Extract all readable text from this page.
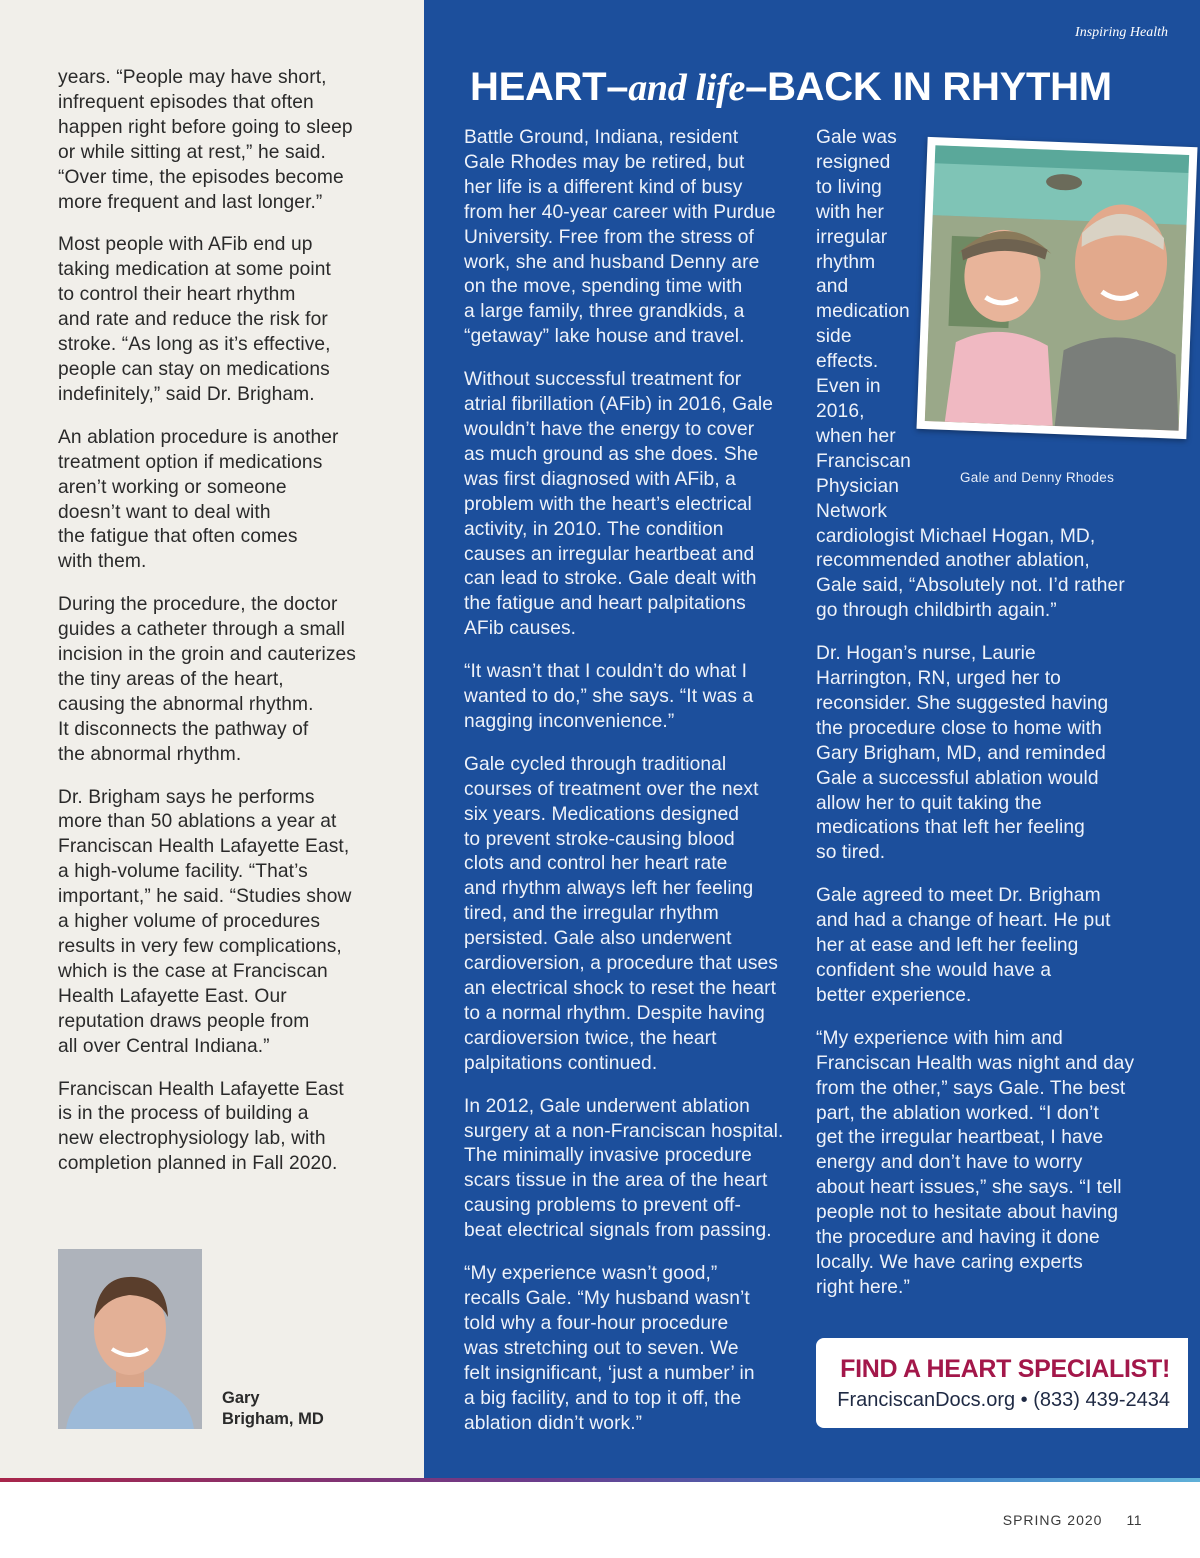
Inspiring Health
HEART–and life–BACK IN RHYTHM

years. “People may have short,
infrequent episodes that often
happen right before going to sleep
or while sitting at rest,” he said.
“Over time, the episodes become
more frequent and last longer.”

Most people with AFib end up
taking medication at some point
to control their heart rhythm
and rate and reduce the risk for
stroke. “As long as it’s effective,
people can stay on medications
indefinitely,” said Dr. Brigham.

An ablation procedure is another
treatment option if medications
aren’t working or someone
doesn’t want to deal with
the fatigue that often comes
with them.

During the procedure, the doctor
guides a catheter through a small
incision in the groin and cauterizes
the tiny areas of the heart,
causing the abnormal rhythm.
It disconnects the pathway of
the abnormal rhythm.

Dr. Brigham says he performs
more than 50 ablations a year at
Franciscan Health Lafayette East,
a high-volume facility. “That’s
important,” he said. “Studies show
a higher volume of procedures
results in very few complications,
which is the case at Franciscan
Health Lafayette East. Our
reputation draws people from
all over Central Indiana.”

Franciscan Health Lafayette East
is in the process of building a
new electrophysiology lab, with
completion planned in Fall 2020.

Battle Ground, Indiana, resident
Gale Rhodes may be retired, but
her life is a different kind of busy
from her 40-year career with Purdue
University. Free from the stress of
work, she and husband Denny are
on the move, spending time with
a large family, three grandkids, a
“getaway” lake house and travel.

Without successful treatment for
atrial fibrillation (AFib) in 2016, Gale
wouldn’t have the energy to cover
as much ground as she does. She
was first diagnosed with AFib, a
problem with the heart’s electrical
activity, in 2010. The condition
causes an irregular heartbeat and
can lead to stroke. Gale dealt with
the fatigue and heart palpitations
AFib causes.

“It wasn’t that I couldn’t do what I
wanted to do,” she says. “It was a
nagging inconvenience.”

Gale cycled through traditional
courses of treatment over the next
six years. Medications designed
to prevent stroke-causing blood
clots and control her heart rate
and rhythm always left her feeling
tired, and the irregular rhythm
persisted. Gale also underwent
cardioversion, a procedure that uses
an electrical shock to reset the heart
to a normal rhythm. Despite having
cardioversion twice, the heart
palpitations continued.

In 2012, Gale underwent ablation
surgery at a non-Franciscan hospital.
The minimally invasive procedure
scars tissue in the area of the heart
causing problems to prevent off-
beat electrical signals from passing.

“My experience wasn’t good,”
recalls Gale. “My husband wasn’t
told why a four-hour procedure
was stretching out to seven. We
felt insignificant, ‘just a number’ in
a big facility, and to top it off, the
ablation didn’t work.”

Gale was
resigned
to living
with her
irregular
rhythm
and
medication
side
effects.
Even in
2016,
when her
Franciscan
Physician
Network
cardiologist Michael Hogan, MD,
recommended another ablation,
Gale said, “Absolutely not. I’d rather
go through childbirth again.”

Dr. Hogan’s nurse, Laurie
Harrington, RN, urged her to
reconsider. She suggested having
the procedure close to home with
Gary Brigham, MD, and reminded
Gale a successful ablation would
allow her to quit taking the
medications that left her feeling
so tired.

Gale agreed to meet Dr. Brigham
and had a change of heart. He put
her at ease and left her feeling
confident she would have a
better experience.

“My experience with him and
Franciscan Health was night and day
from the other,” says Gale. The best
part, the ablation worked. “I don’t
get the irregular heartbeat, I have
energy and don’t have to worry
about heart issues,” she says. “I tell
people not to hesitate about having
the procedure and having it done
locally. We have caring experts
right here.”

Gale and Denny Rhodes
Gary
Brigham, MD
FIND A HEART SPECIALIST!
FranciscanDocs.org • (833) 439-2434
SPRING 2020 11
